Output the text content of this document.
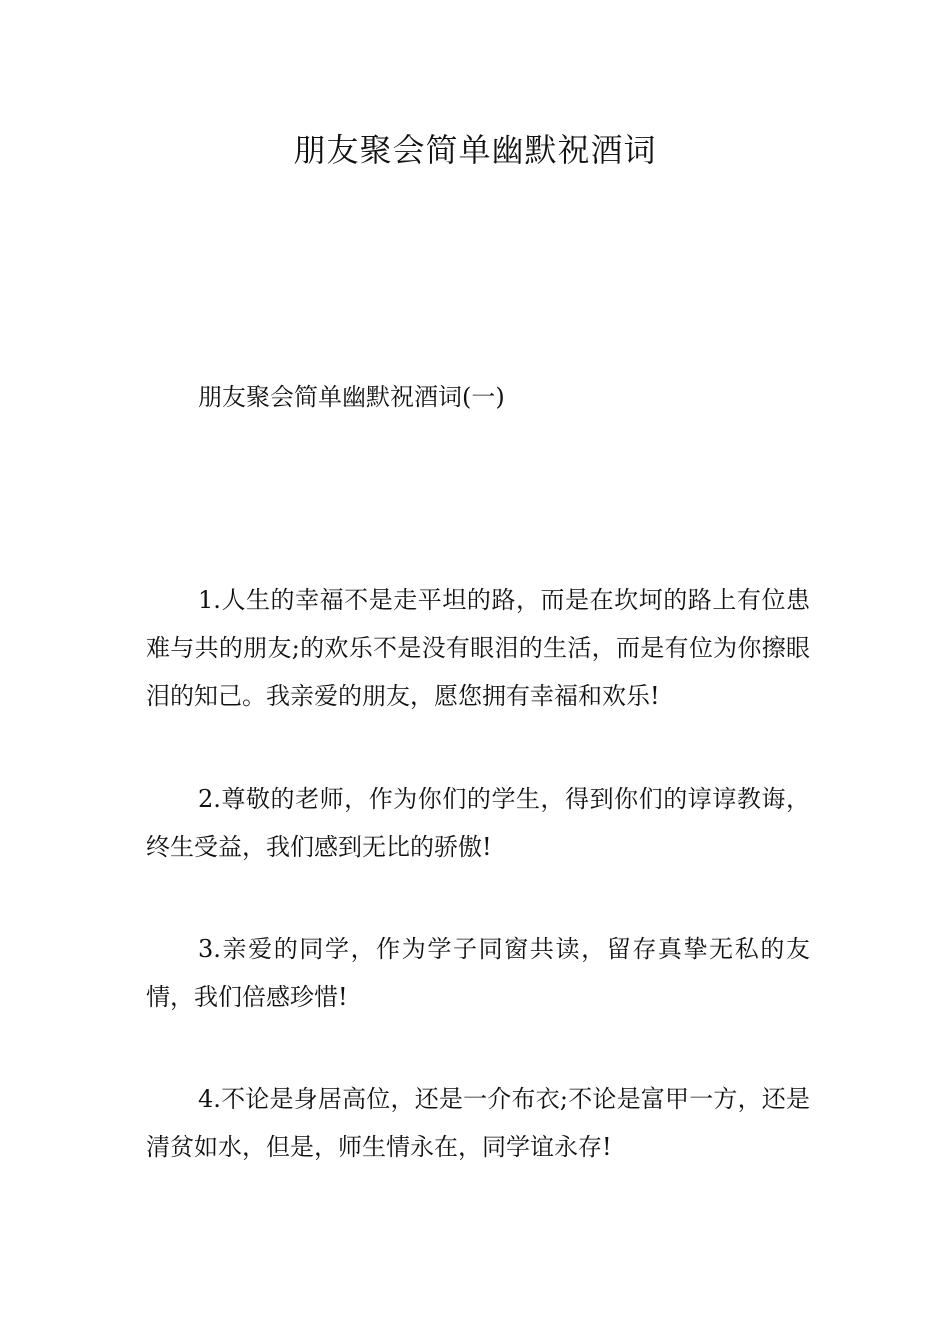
朋友聚会简单幽默祝酒词

朋友聚会简单幽默祝酒词(一)

1.人生的幸福不是走平坦的路，而是在坎坷的路上有位患难与共的朋友;的欢乐不是没有眼泪的生活，而是有位为你擦眼泪的知己。我亲爱的朋友，愿您拥有幸福和欢乐!

2.尊敬的老师，作为你们的学生，得到你们的谆谆教诲，终生受益，我们感到无比的骄傲!

3.亲爱的同学，作为学子同窗共读，留存真挚无私的友情，我们倍感珍惜!

4.不论是身居高位，还是一介布衣;不论是富甲一方，还是清贫如水，但是，师生情永在，同学谊永存!
